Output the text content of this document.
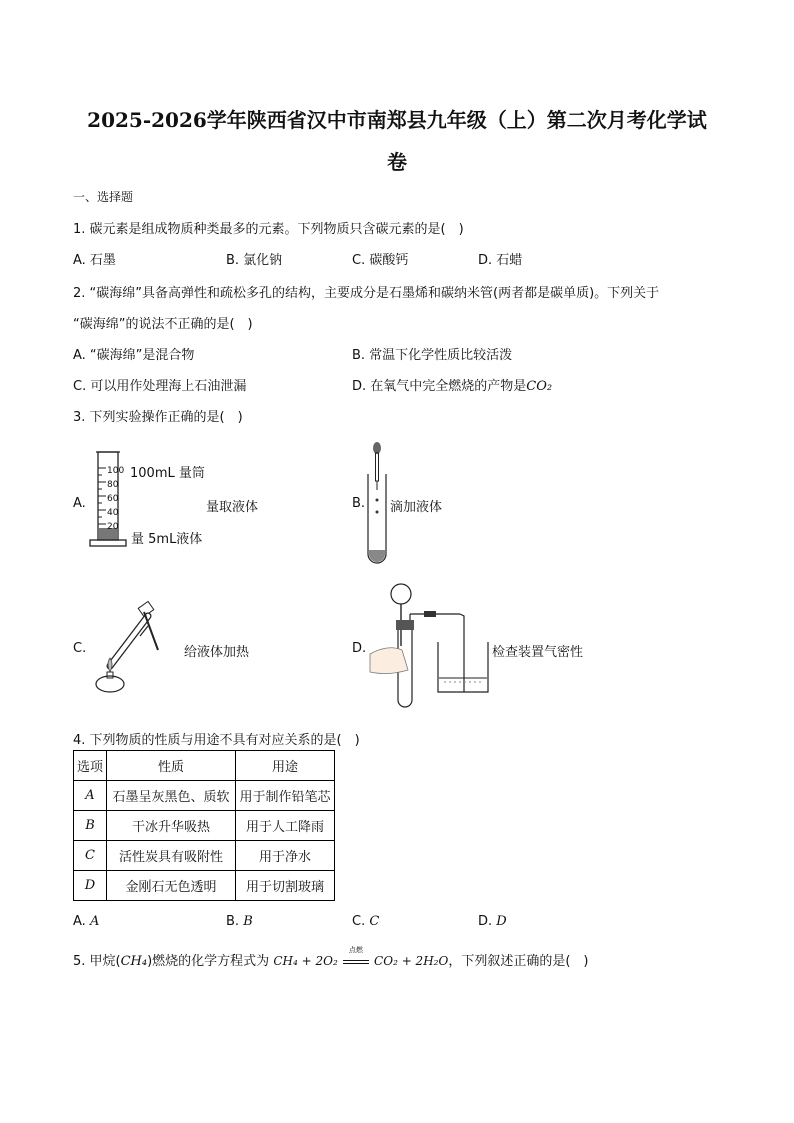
2025-2026学年陕西省汉中市南郑县九年级（上）第二次月考化学试
卷
一、选择题
1. 碳元素是组成物质种类最多的元素。下列物质只含碳元素的是(　)
A. 石墨	B. 氯化钠	C. 碳酸钙	D. 石蜡
2. “碳海绵”具备高弹性和疏松多孔的结构，主要成分是石墨烯和碳纳米管(两者都是碳单质)。下列关于
“碳海绵”的说法不正确的是(　)
A. “碳海绵”是混合物	B. 常温下化学性质比较活泼
C. 可以用作处理海上石油泄漏	D. 在氧气中完全燃烧的产物是CO₂
3. 下列实验操作正确的是(　)
A.
100
80
60
40
20
100mL 量筒
量取液体
量 5mL液体
B. 滴加液体
C.	给液体加热	D.	检查装置气密性
4. 下列物质的性质与用途不具有对应关系的是(　)
选项	性质	用途
A	石墨呈灰黑色、质软	用于制作铅笔芯
B	干冰升华吸热	用于人工降雨
C	活性炭具有吸附性	用于净水
D	金刚石无色透明	用于切割玻璃
A. A	B. B	C. C	D. D
5. 甲烷(CH₄)燃烧的化学方程式为 CH₄ + 2O₂
点燃
CO₂ + 2H₂O，下列叙述正确的是(　)
